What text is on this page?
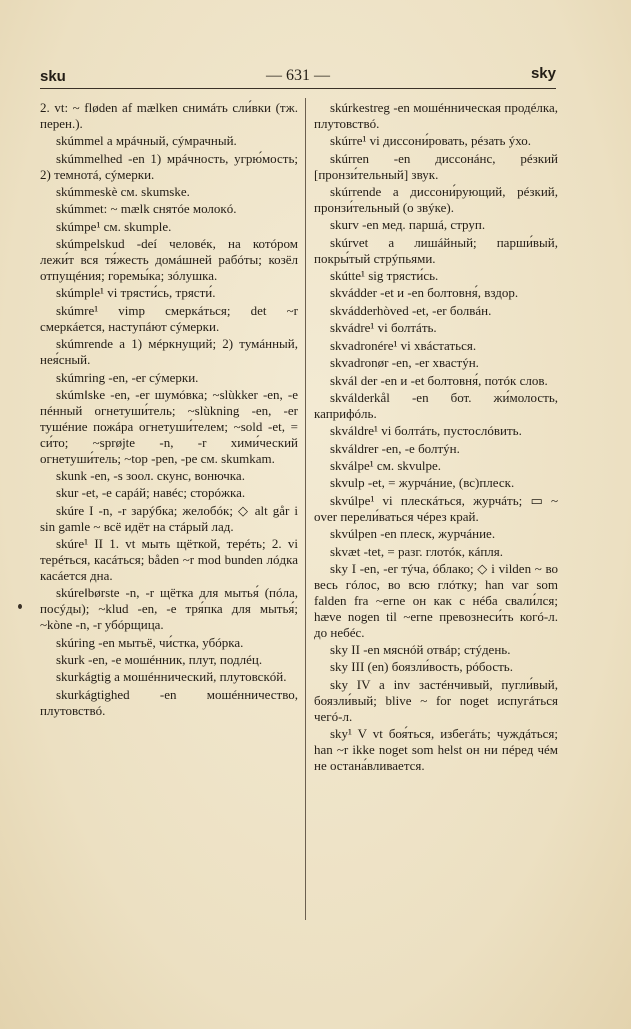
sku	— 631 —	sky

2. vt: ~ fløden af mælken снимáть сли́вки (тж. перен.).

skúmmel a мрáчный, сýмрачный.

skúmmelhed -en 1) мрáчность, угрю́мость; 2) темнотá, сýмерки.

skúmmeskè см. skumske.

skúmmet: ~ mælk снятóе молокó.

skúmpe¹ см. skumple.

skúmpelskud -deí человéк, на котóром лежи́т вся тя́жесть домáшней рабóты; козёл отпущéния; горемы́ка; зóлушка.

skúmple¹ vi трясти́сь, трясти́.

skúmre¹ vimp смеркáться; det ~r смеркáется, наступáют сýмерки.

skúmrende a 1) мéркнущий; 2) тумáнный, нея́сный.

skúmring -en, -er сýмерки.

skúm‖ske -en, -er шумóвка; ~slùkker -en, -e пéнный огнетуши́тель; ~slùkning -en, -er тушéние пожáра огнетуши́телем; ~sold -et, = си́то; ~sprøjte -n, -r хими́ческий огнетуши́тель; ~top -pen, -pe см. skumkam.

skunk -en, -s зоол. скунс, вонючка.

skur -et, -e сарáй; навéс; сторóжка.

skúre I -n, -r зарýбка; желобóк; ◇ alt går i sin gamle ~ всё идёт на стáрый лад.

skúre¹ II 1. vt мыть щёткой, терéть; 2. vi терéться, касáться; båden ~r mod bunden лóдка касáется дна.

skúre‖børste -n, -r щётка для мытья́ (пóла, посýды); ~klud -en, -e тря́пка для мытья́; ~kòne -n, -r убóрщица.

skúring -en мытьё, чи́стка, убóрка.

skurk -en, -e мошéнник, плут, подлéц.

skurkágtig a мошéннический, плутовскóй.

skurkágtighed -en мошéнничество, плутовствó.

skúrkestreg -en мошéнническая продéлка, плутовствó.

skúrre¹ vi диссони́ровать, рéзать ýхо.

skúrren -en диссонáнс, рéзкий [пронзи́тельный] звук.

skúrrende a диссони́рующий, рéзкий, пронзи́тельный (о звýке).

skurv -en мед. паршá, струп.

skúrvet a лишáйный; парши́вый, покры́тый стрýпьями.

skútte¹ sig трясти́сь.

skvádder -et и -en болтовня́, вздор.

skvádderhòved -et, -er болвáн.

skvádre¹ vi болтáть.

skvadronére¹ vi хвáстаться.

skvadronør -en, -er хвастýн.

skvál der -en и -et болтовня́, потóк слов.

skválderkål -en бот. жи́молость, каприфóль.

skváldre¹ vi болтáть, пустослóвить.

skváldrer -en, -e болтýн.

skválpe¹ см. skvulpe.

skvulp -et, = журчáние, (вс)плеск.

skvúlpe¹ vi плескáться, журчáть; ▭ ~ over перели́ваться чéрез край.

skvúlpen -en плеск, журчáние.

skvæt -tet, = разг. глотóк, кáпля.

sky I -en, -er тýча, óблако; ◇ i vilden ~ во весь гóлос, во всю глóтку; han var som falden fra ~erne он как с нéба свали́лся; hæve nogen til ~erne превознеси́ть когó-л. до небéс.

sky II -en мяснóй отвáр; стýдень.

sky III (en) боязли́вость, рóбость.

sky IV a inv застéнчивый, пугли́вый, боязли́вый; blive ~ for noget испугáться чегó-л.

sky¹ V vt боя́ться, избегáть; чуждáться; han ~r ikke noget som helst он ни пéред чéм не остана́вливается.
